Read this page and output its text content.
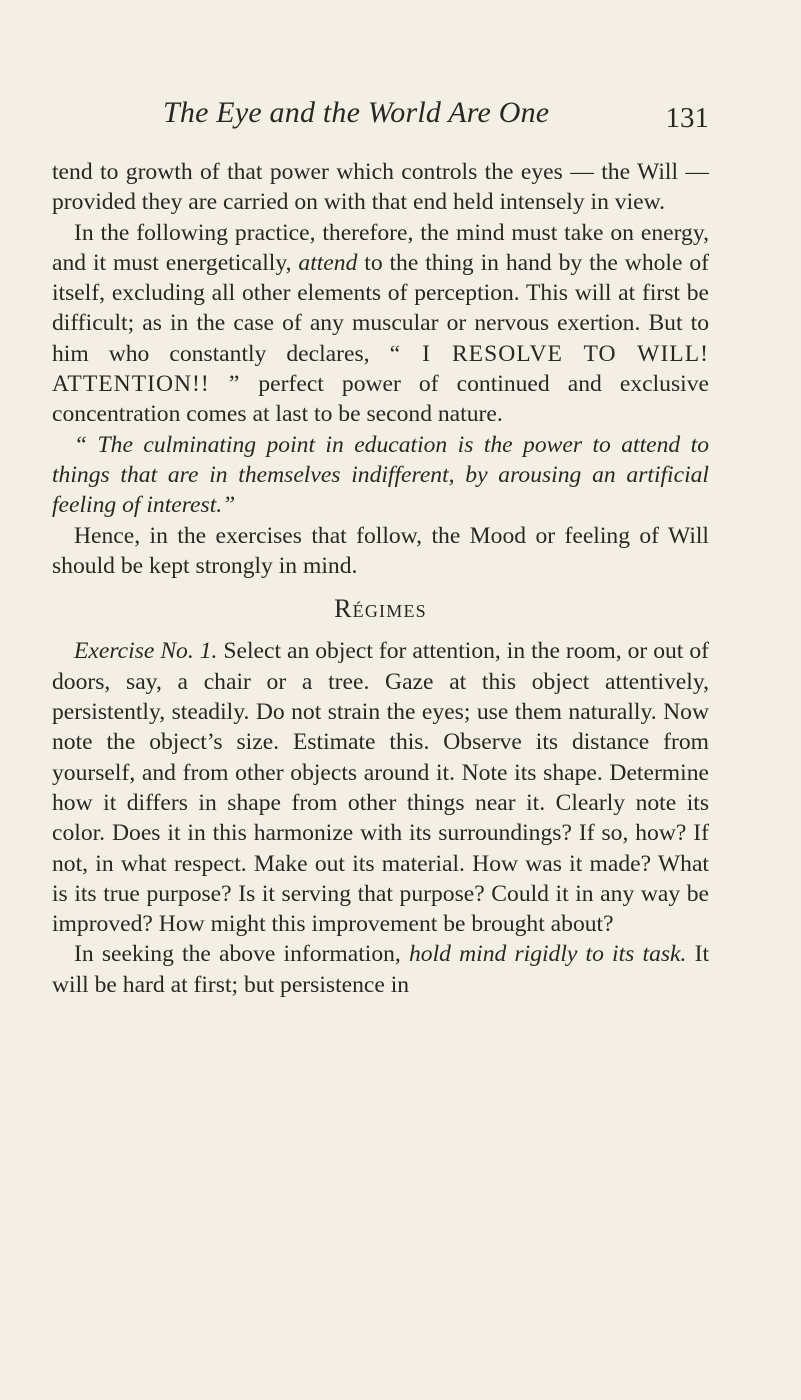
The Eye and the World Are One	131

tend to growth of that power which controls the eyes — the Will — provided they are carried on with that end held intensely in view.

In the following practice, therefore, the mind must take on energy, and it must energetically, attend to the thing in hand by the whole of itself, excluding all other elements of perception. This will at first be difficult; as in the case of any muscular or nervous exertion. But to him who constantly declares, “ I RESOLVE TO WILL! ATTENTION!! ” perfect power of continued and exclusive concentration comes at last to be second nature.

“ The culminating point in education is the power to attend to things that are in themselves indifferent, by arousing an artificial feeling of interest.”

Hence, in the exercises that follow, the Mood or feeling of Will should be kept strongly in mind.

Régimes

Exercise No. 1. Select an object for attention, in the room, or out of doors, say, a chair or a tree. Gaze at this object attentively, persistently, steadily. Do not strain the eyes; use them naturally. Now note the object’s size. Estimate this. Observe its distance from yourself, and from other objects around it. Note its shape. Determine how it differs in shape from other things near it. Clearly note its color. Does it in this harmonize with its surroundings? If so, how? If not, in what respect. Make out its material. How was it made? What is its true purpose? Is it serving that purpose? Could it in any way be improved? How might this improvement be brought about?

In seeking the above information, hold mind rigidly to its task. It will be hard at first; but persistence in
